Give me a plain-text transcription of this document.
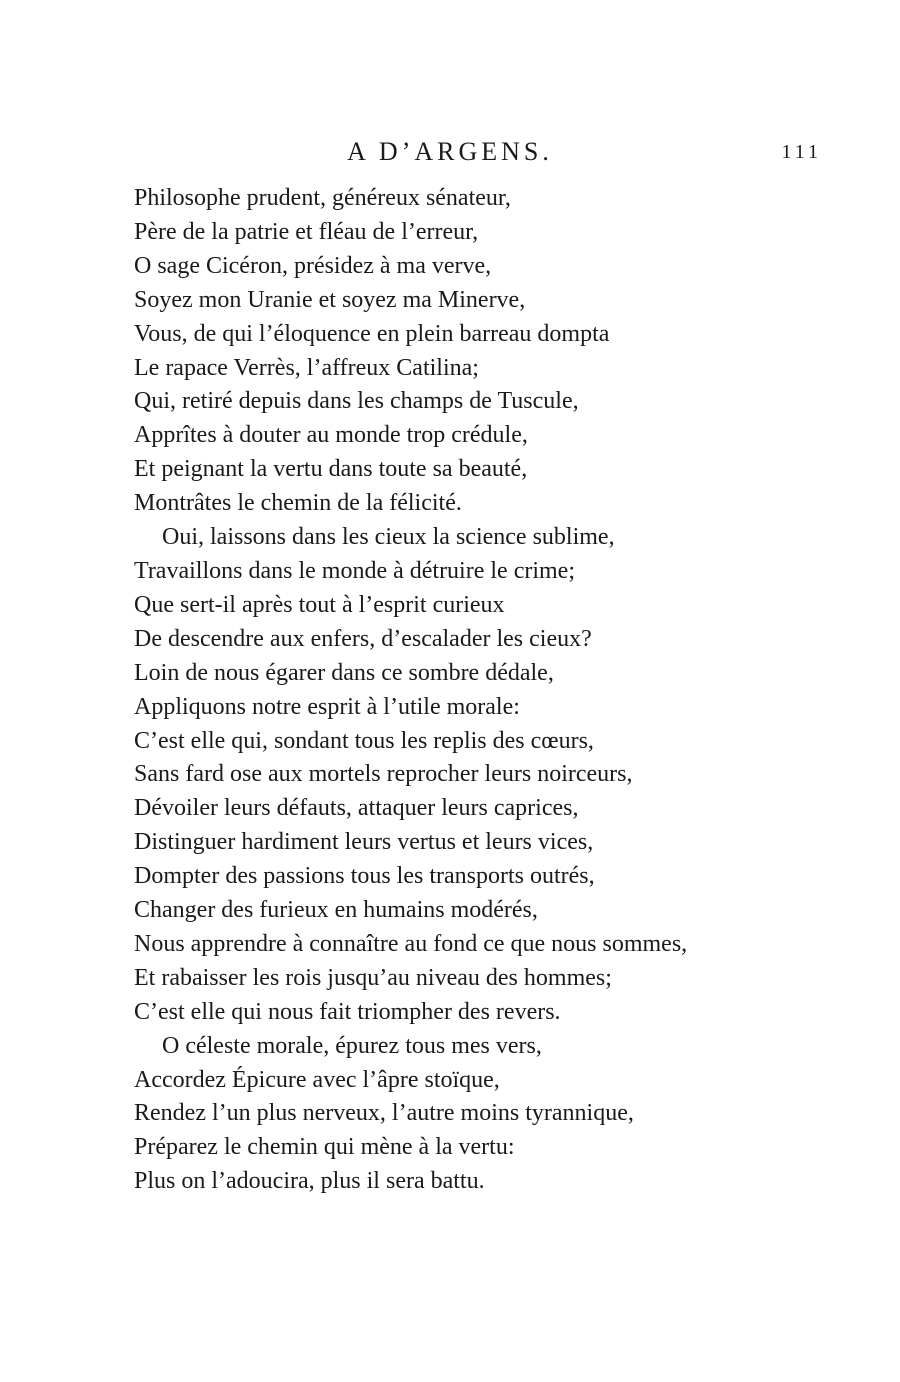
A D’ARGENS.	111
Philosophe prudent, généreux sénateur,
Père de la patrie et fléau de l’erreur,
O sage Cicéron, présidez à ma verve,
Soyez mon Uranie et soyez ma Minerve,
Vous, de qui l’éloquence en plein barreau dompta
Le rapace Verrès, l’affreux Catilina;
Qui, retiré depuis dans les champs de Tuscule,
Apprîtes à douter au monde trop crédule,
Et peignant la vertu dans toute sa beauté,
Montrâtes le chemin de la félicité.
Oui, laissons dans les cieux la science sublime,
Travaillons dans le monde à détruire le crime;
Que sert-il après tout à l’esprit curieux
De descendre aux enfers, d’escalader les cieux?
Loin de nous égarer dans ce sombre dédale,
Appliquons notre esprit à l’utile morale:
C’est elle qui, sondant tous les replis des cœurs,
Sans fard ose aux mortels reprocher leurs noirceurs,
Dévoiler leurs défauts, attaquer leurs caprices,
Distinguer hardiment leurs vertus et leurs vices,
Dompter des passions tous les transports outrés,
Changer des furieux en humains modérés,
Nous apprendre à connaître au fond ce que nous sommes,
Et rabaisser les rois jusqu’au niveau des hommes;
C’est elle qui nous fait triompher des revers.
O céleste morale, épurez tous mes vers,
Accordez Épicure avec l’âpre stoïque,
Rendez l’un plus nerveux, l’autre moins tyrannique,
Préparez le chemin qui mène à la vertu:
Plus on l’adoucira, plus il sera battu.
